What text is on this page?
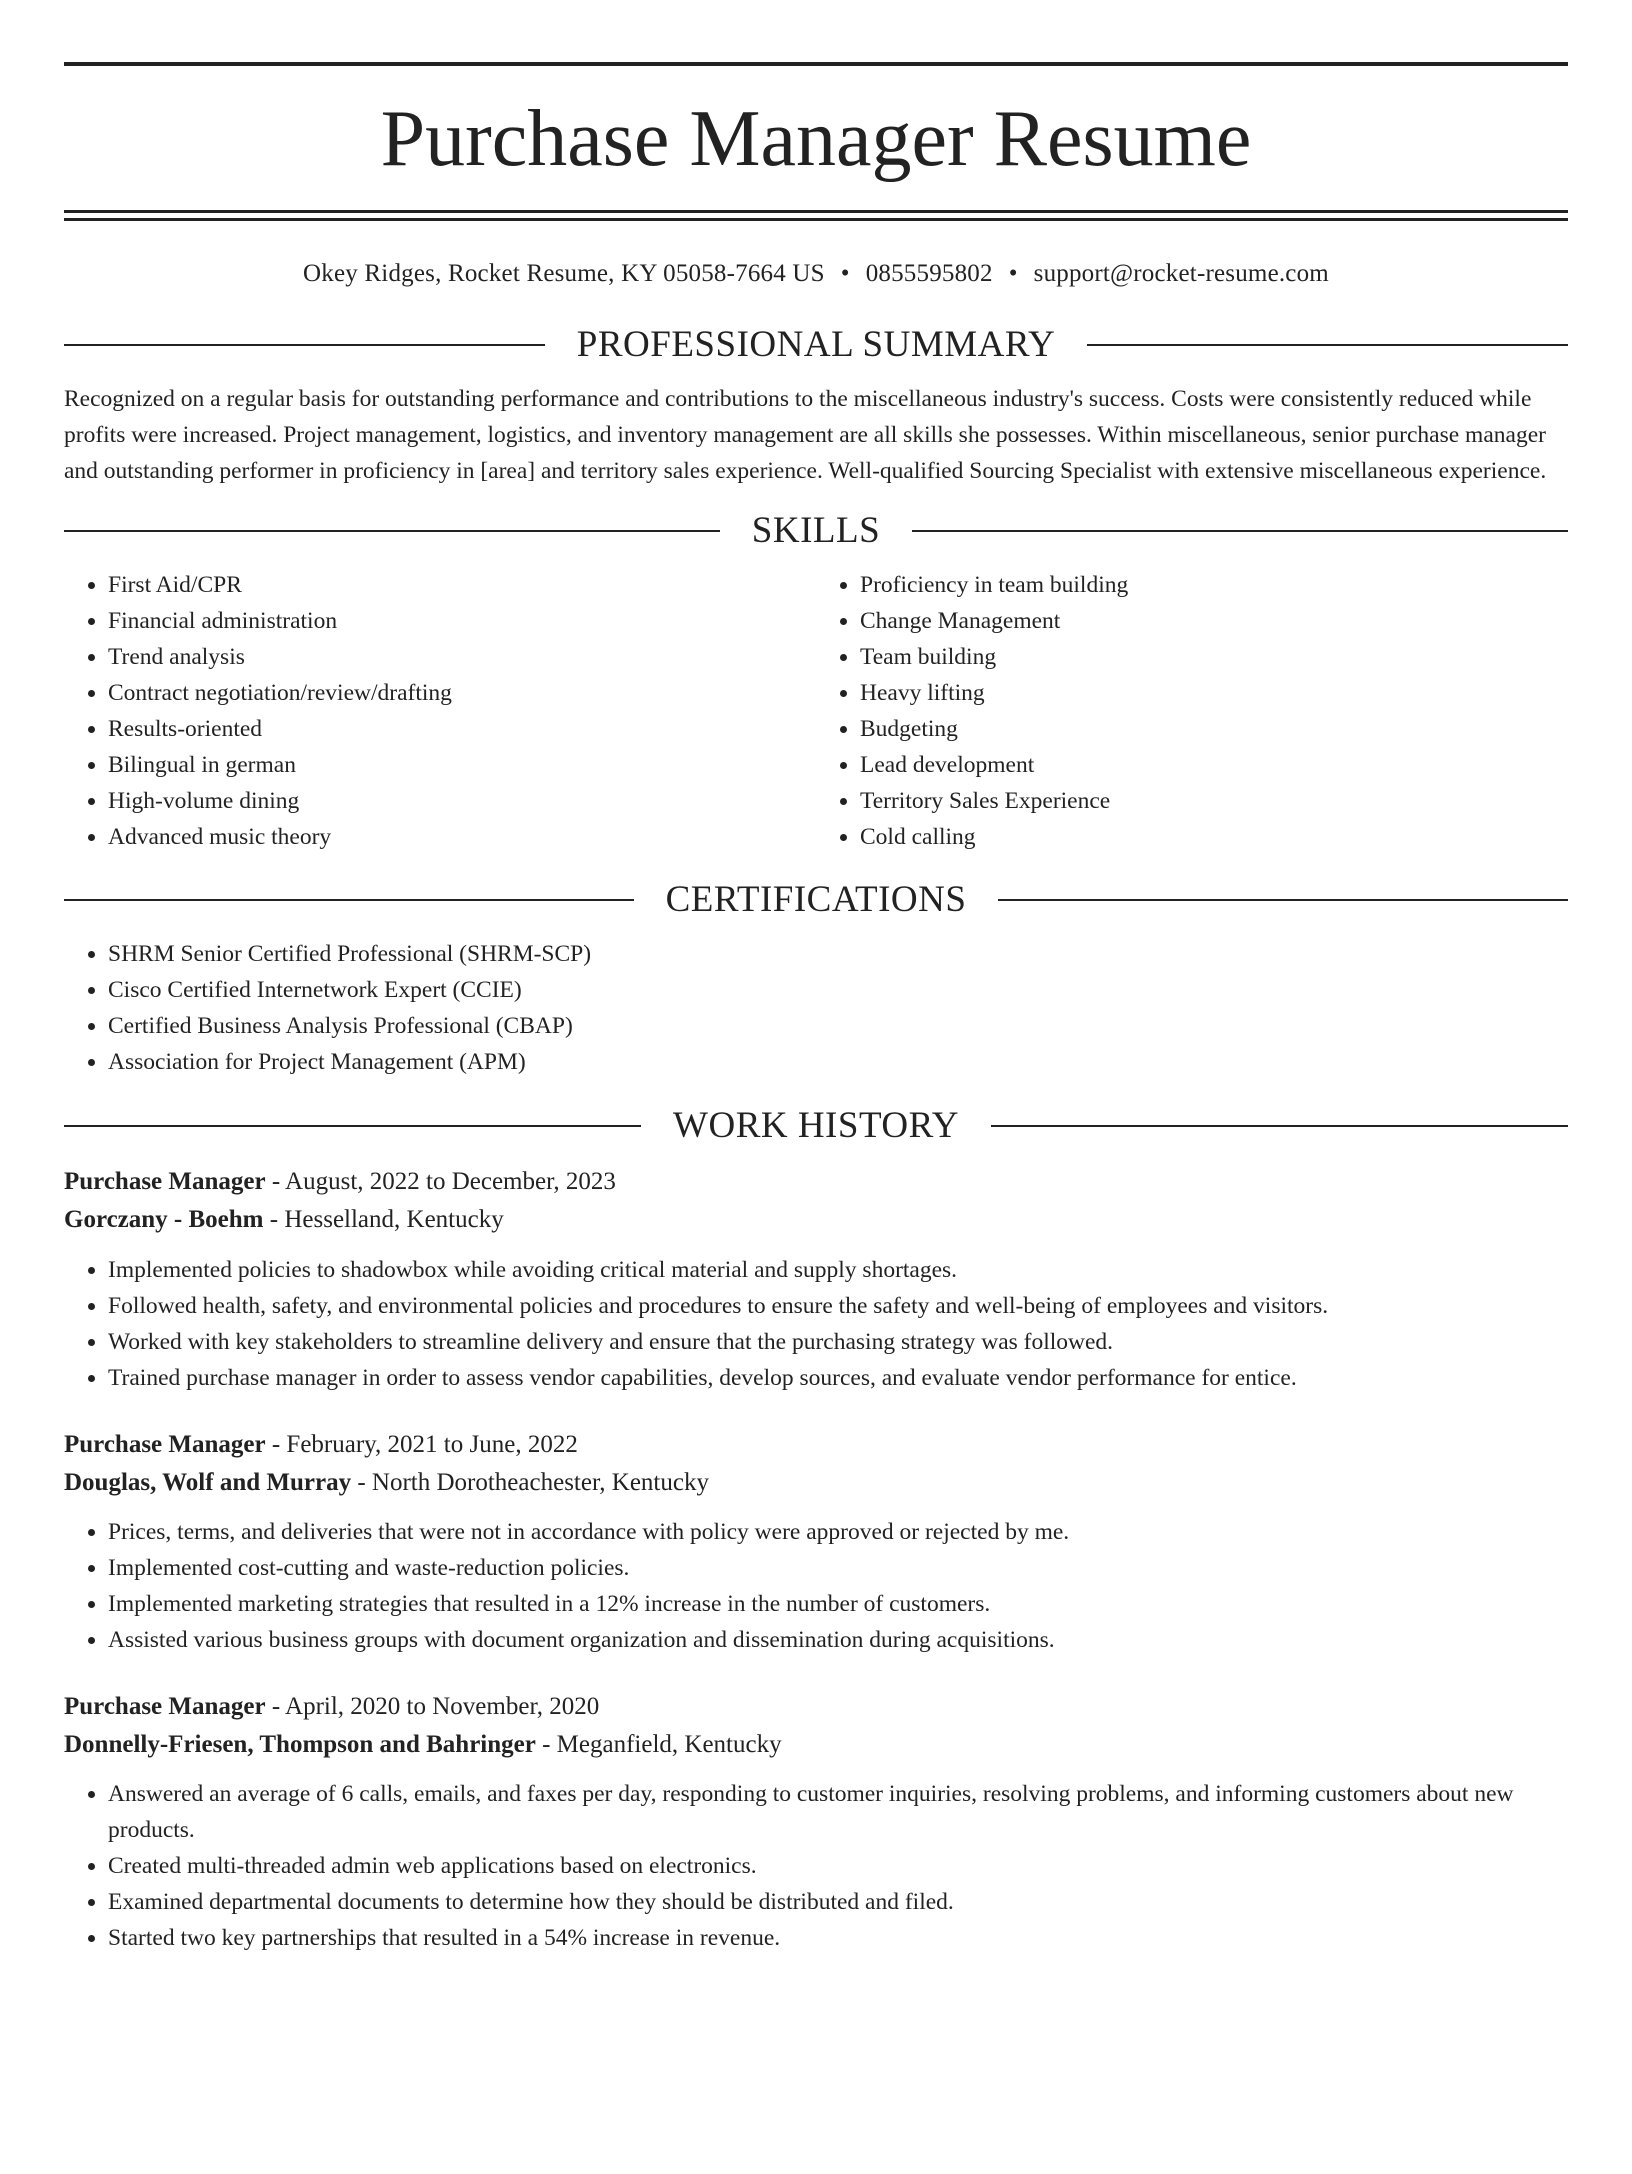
Purchase Manager Resume
Okey Ridges, Rocket Resume, KY 05058-7664 US • 0855595802 • support@rocket-resume.com
PROFESSIONAL SUMMARY

Recognized on a regular basis for outstanding performance and contributions to the miscellaneous industry's success. Costs were consistently reduced while profits were increased. Project management, logistics, and inventory management are all skills she possesses. Within miscellaneous, senior purchase manager and outstanding performer in proficiency in [area] and territory sales experience. Well-qualified Sourcing Specialist with extensive miscellaneous experience.

SKILLS
• First Aid/CPR
• Financial administration
• Trend analysis
• Contract negotiation/review/drafting
• Results-oriented
• Bilingual in german
• High-volume dining
• Advanced music theory
• Proficiency in team building
• Change Management
• Team building
• Heavy lifting
• Budgeting
• Lead development
• Territory Sales Experience
• Cold calling
CERTIFICATIONS
• SHRM Senior Certified Professional (SHRM-SCP)
• Cisco Certified Internetwork Expert (CCIE)
• Certified Business Analysis Professional (CBAP)
• Association for Project Management (APM)
WORK HISTORY
Purchase Manager - August, 2022 to December, 2023
Gorczany - Boehm - Hesselland, Kentucky
• Implemented policies to shadowbox while avoiding critical material and supply shortages.
• Followed health, safety, and environmental policies and procedures to ensure the safety and well-being of employees and visitors.
• Worked with key stakeholders to streamline delivery and ensure that the purchasing strategy was followed.
• Trained purchase manager in order to assess vendor capabilities, develop sources, and evaluate vendor performance for entice.
Purchase Manager - February, 2021 to June, 2022
Douglas, Wolf and Murray - North Dorotheachester, Kentucky
• Prices, terms, and deliveries that were not in accordance with policy were approved or rejected by me.
• Implemented cost-cutting and waste-reduction policies.
• Implemented marketing strategies that resulted in a 12% increase in the number of customers.
• Assisted various business groups with document organization and dissemination during acquisitions.
Purchase Manager - April, 2020 to November, 2020
Donnelly-Friesen, Thompson and Bahringer - Meganfield, Kentucky
• Answered an average of 6 calls, emails, and faxes per day, responding to customer inquiries, resolving problems, and informing customers about new products.
• Created multi-threaded admin web applications based on electronics.
• Examined departmental documents to determine how they should be distributed and filed.
• Started two key partnerships that resulted in a 54% increase in revenue.
